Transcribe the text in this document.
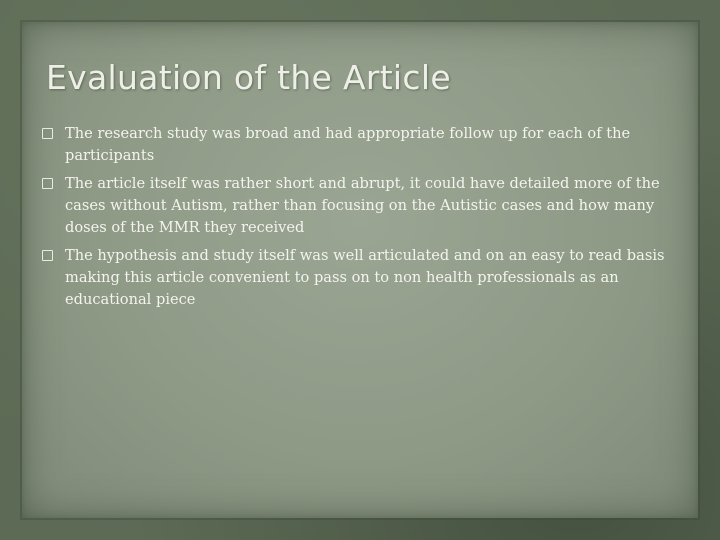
Evaluation of the Article
The research study was broad and had appropriate follow up for each of the participants
The article itself was rather short and abrupt, it could have detailed more of the cases without Autism, rather than focusing on the Autistic cases and how many doses of the MMR they received
The hypothesis and study itself was well articulated and on an easy to read basis making this article convenient to pass on to non health professionals as an educational piece
